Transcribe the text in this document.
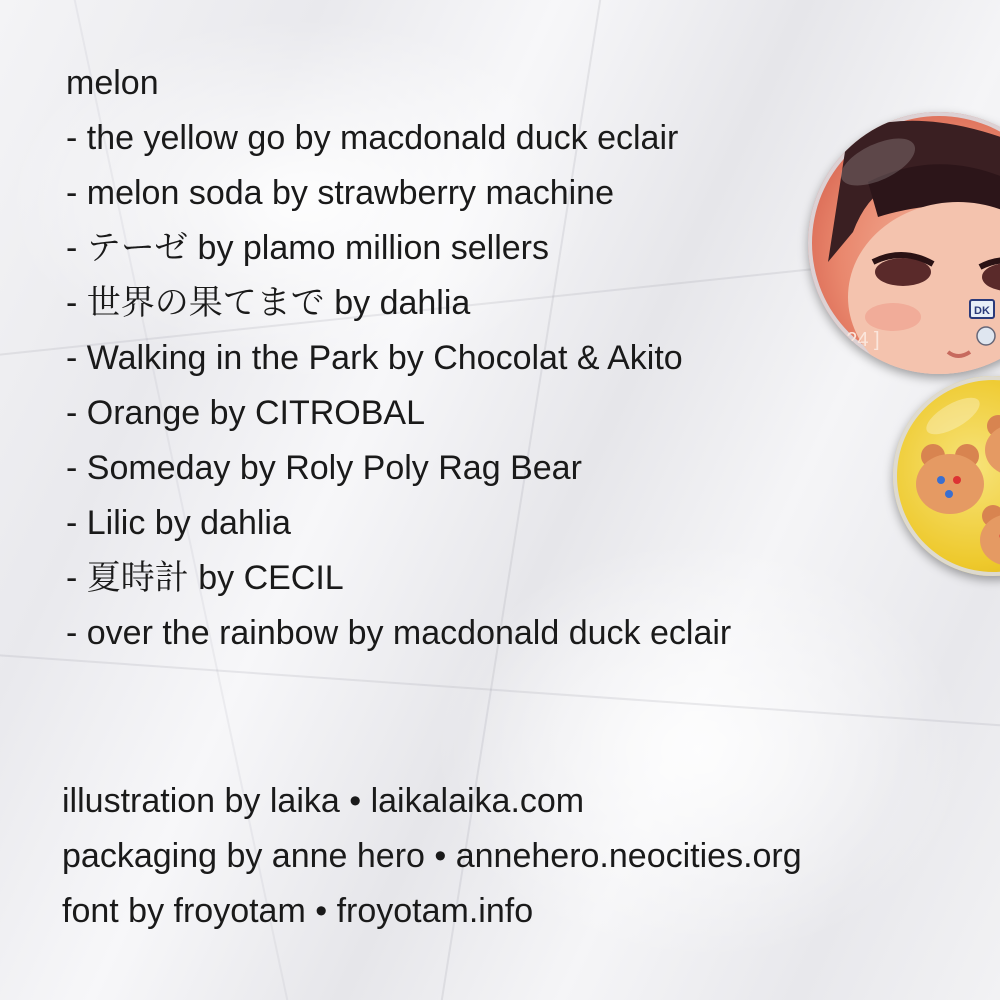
melon
- the yellow go by macdonald duck eclair
- melon soda by strawberry machine
- テーゼ by plamo million sellers
- 世界の果てまで by dahlia
- Walking in the Park by Chocolat & Akito
- Orange by CITROBAL
- Someday by Roly Poly Rag Bear
- Lilic by dahlia
- 夏時計 by CECIL
- over the rainbow by macdonald duck eclair
illustration by laika • laikalaika.com
packaging by anne hero • annehero.neocities.org
font by froyotam • froyotam.info
DK
[ 124 ]
